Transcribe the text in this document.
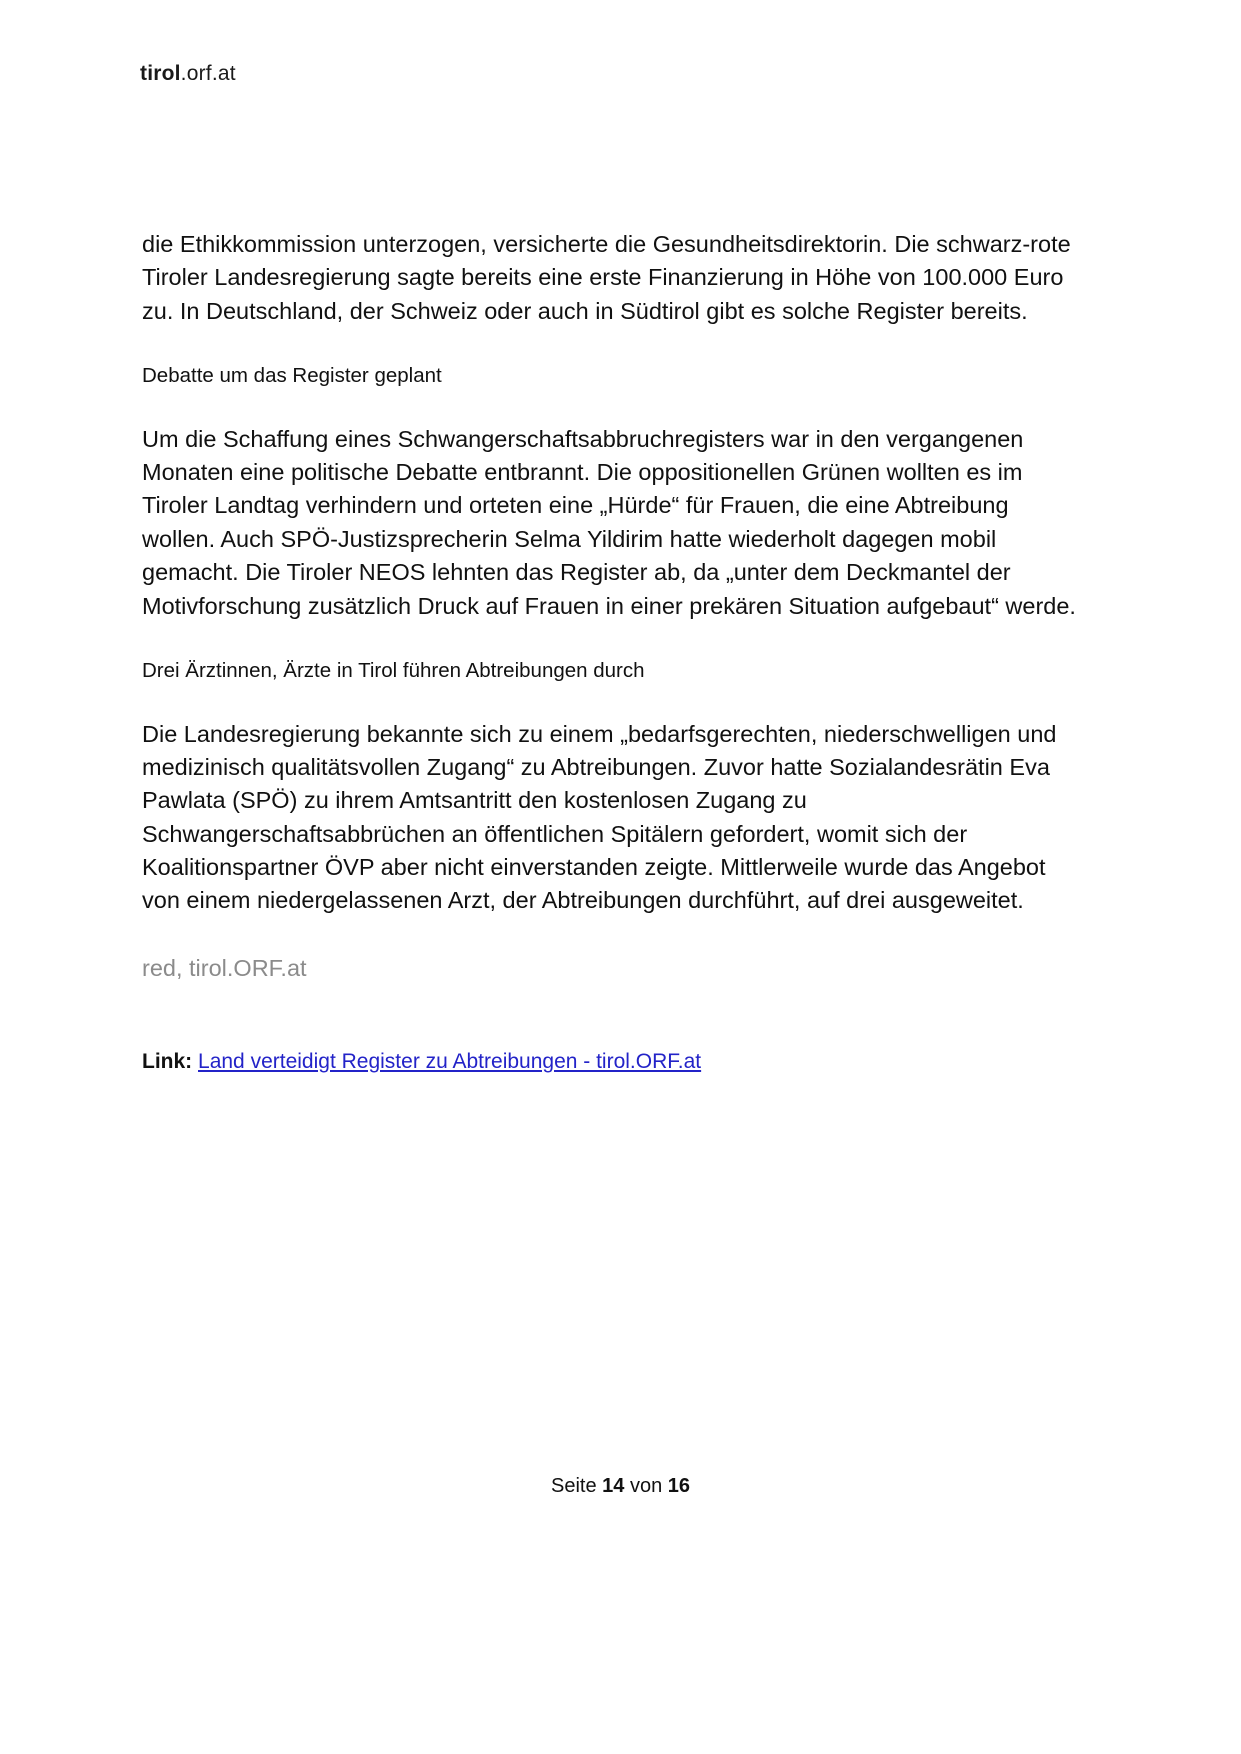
tirol.orf.at

die Ethikkommission unterzogen, versicherte die Gesundheitsdirektorin. Die schwarz-rote Tiroler Landesregierung sagte bereits eine erste Finanzierung in Höhe von 100.000 Euro zu. In Deutschland, der Schweiz oder auch in Südtirol gibt es solche Register bereits.

Debatte um das Register geplant

Um die Schaffung eines Schwangerschaftsabbruchregisters war in den vergangenen Monaten eine politische Debatte entbrannt. Die oppositionellen Grünen wollten es im Tiroler Landtag verhindern und orteten eine „Hürde“ für Frauen, die eine Abtreibung wollen. Auch SPÖ-Justizsprecherin Selma Yildirim hatte wiederholt dagegen mobil gemacht. Die Tiroler NEOS lehnten das Register ab, da „unter dem Deckmantel der Motivforschung zusätzlich Druck auf Frauen in einer prekären Situation aufgebaut“ werde.

Drei Ärztinnen, Ärzte in Tirol führen Abtreibungen durch

Die Landesregierung bekannte sich zu einem „bedarfsgerechten, niederschwelligen und medizinisch qualitätsvollen Zugang“ zu Abtreibungen. Zuvor hatte Sozialandesrätin Eva Pawlata (SPÖ) zu ihrem Amtsantritt den kostenlosen Zugang zu Schwangerschaftsabbrüchen an öffentlichen Spitälern gefordert, womit sich der Koalitionspartner ÖVP aber nicht einverstanden zeigte. Mittlerweile wurde das Angebot von einem niedergelassenen Arzt, der Abtreibungen durchführt, auf drei ausgeweitet.

red, tirol.ORF.at

Link: Land verteidigt Register zu Abtreibungen - tirol.ORF.at
Seite 14 von 16
